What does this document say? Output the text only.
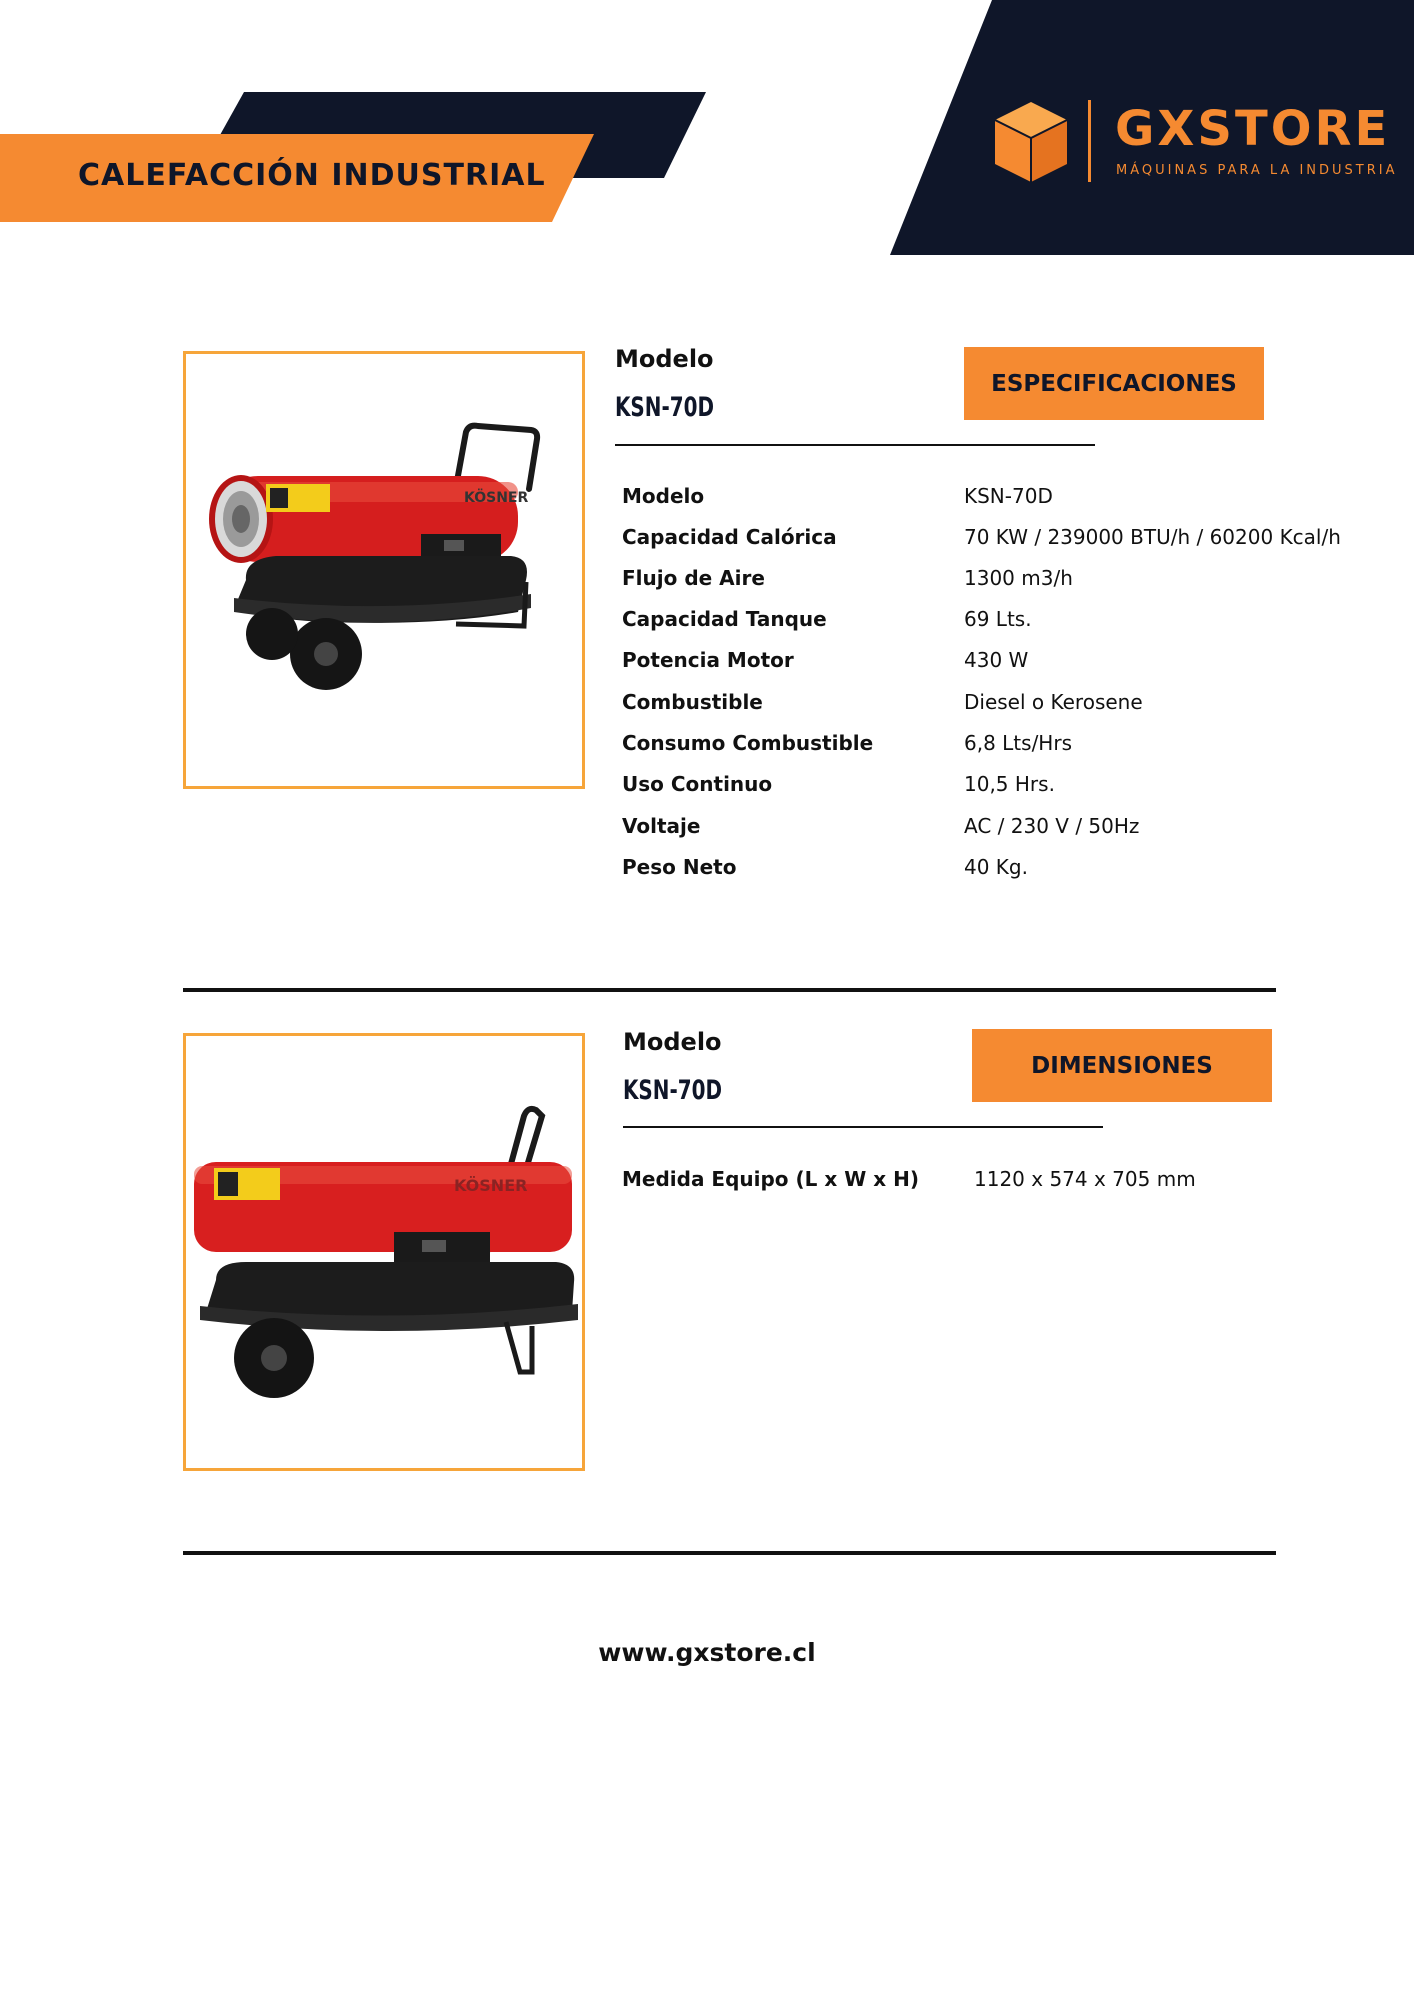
CALEFACCIÓN INDUSTRIAL
GXSTORE
MÁQUINAS PARA LA INDUSTRIA
KÖSNER
Modelo
KSN-70D
ESPECIFICACIONES
Modelo	KSN-70D
Capacidad Calórica	70 KW / 239000 BTU/h / 60200 Kcal/h
Flujo de Aire	1300 m3/h
Capacidad Tanque	69 Lts.
Potencia Motor	430 W
Combustible	Diesel o Kerosene
Consumo Combustible	6,8 Lts/Hrs
Uso Continuo	10,5 Hrs.
Voltaje	AC / 230 V / 50Hz
Peso Neto	40 Kg.
KÖSNER
Modelo
KSN-70D
DIMENSIONES
Medida Equipo (L x W x H)	1120 x 574 x 705 mm
www.gxstore.cl
